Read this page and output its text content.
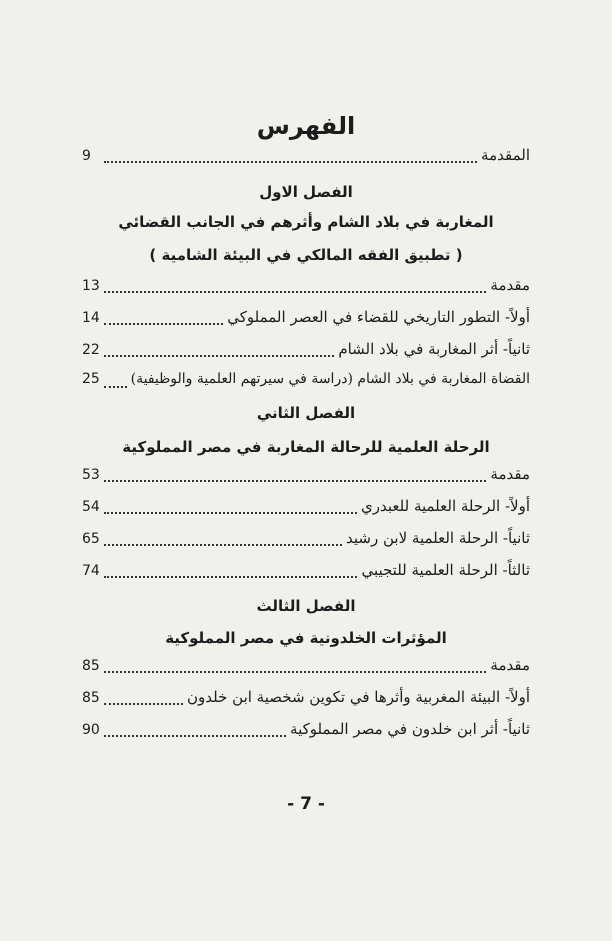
الفهرس
المقدمة
9
الفصل الاول
المغاربة في بلاد الشام وأثرهم في الجانب القضائي
( تطبيق الفقه المالكي في البيئة الشامية )
مقدمة
13
أولاً- التطور التاريخي للقضاء في العصر المملوكي
14
ثانياً- أثر المغاربة في بلاد الشام
22
القضاة المغاربة في بلاد الشام (دراسة في سيرتهم العلمية والوظيفية)
25
الفصل الثاني
الرحلة العلمية للرحالة المغاربة في مصر المملوكية
مقدمة
53
أولاً- الرحلة العلمية للعبدري
54
ثانياً- الرحلة العلمية لابن رشيد
65
ثالثاً- الرحلة العلمية للتجيبي
74
الفصل الثالث
المؤثرات الخلدونية في مصر المملوكية
مقدمة
85
أولاً- البيئة المغربية وأثرها في تكوين شخصية ابن خلدون
85
ثانياً- أثر ابن خلدون في مصر المملوكية
90
- 7 -
